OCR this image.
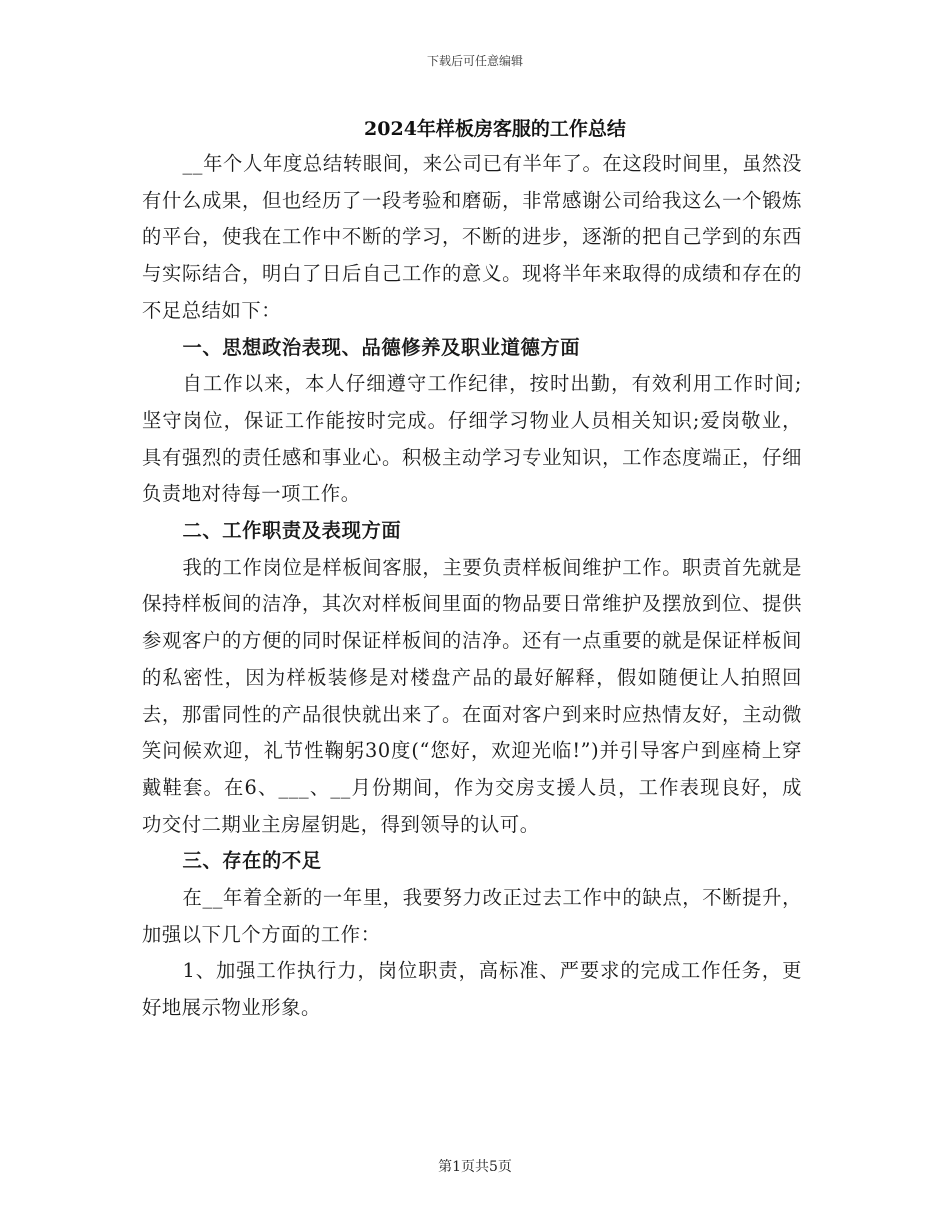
下载后可任意编辑
2024年样板房客服的工作总结

__年个人年度总结转眼间，来公司已有半年了。在这段时间里，虽然没有什么成果，但也经历了一段考验和磨砺，非常感谢公司给我这么一个锻炼的平台，使我在工作中不断的学习，不断的进步，逐渐的把自己学到的东西与实际结合，明白了日后自己工作的意义。现将半年来取得的成绩和存在的不足总结如下：

一、思想政治表现、品德修养及职业道德方面

自工作以来，本人仔细遵守工作纪律，按时出勤，有效利用工作时间;坚守岗位，保证工作能按时完成。仔细学习物业人员相关知识;爱岗敬业，具有强烈的责任感和事业心。积极主动学习专业知识，工作态度端正，仔细负责地对待每一项工作。

二、工作职责及表现方面

我的工作岗位是样板间客服，主要负责样板间维护工作。职责首先就是保持样板间的洁净，其次对样板间里面的物品要日常维护及摆放到位、提供参观客户的方便的同时保证样板间的洁净。还有一点重要的就是保证样板间的私密性，因为样板装修是对楼盘产品的最好解释，假如随便让人拍照回去，那雷同性的产品很快就出来了。在面对客户到来时应热情友好，主动微笑问候欢迎，礼节性鞠躬30度(“您好，欢迎光临!”)并引导客户到座椅上穿戴鞋套。在6、___、__月份期间，作为交房支援人员，工作表现良好，成功交付二期业主房屋钥匙，得到领导的认可。

三、存在的不足

在__年着全新的一年里，我要努力改正过去工作中的缺点，不断提升，加强以下几个方面的工作：

1、加强工作执行力，岗位职责，高标准、严要求的完成工作任务，更好地展示物业形象。

第1页共5页
